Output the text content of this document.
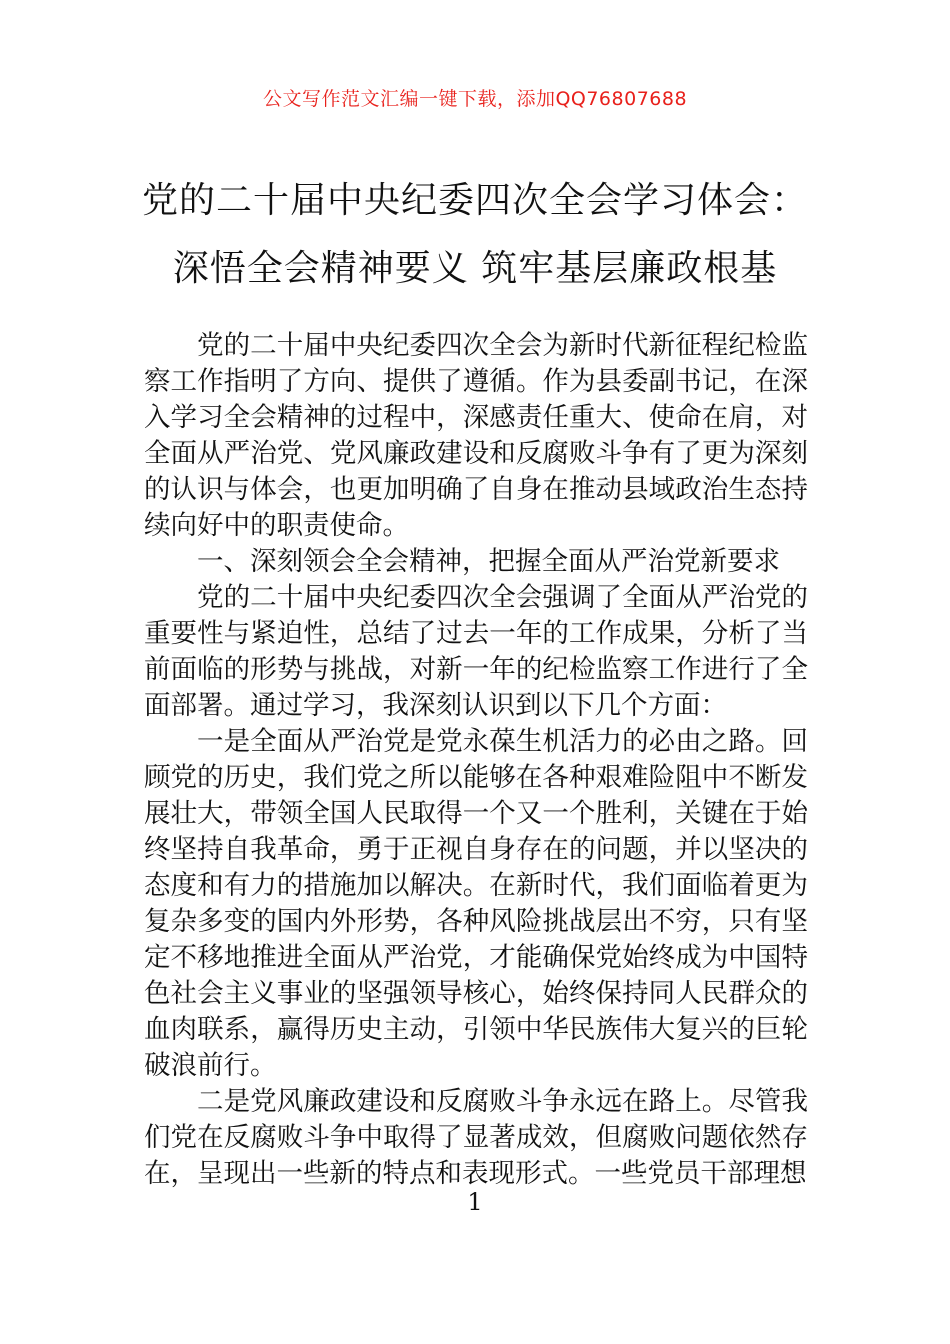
公文写作范文汇编一键下载，添加QQ76807688
党的二十届中央纪委四次全会学习体会：
深悟全会精神要义 筑牢基层廉政根基

党的二十届中央纪委四次全会为新时代新征程纪检监察工作指明了方向、提供了遵循。作为县委副书记，在深入学习全会精神的过程中，深感责任重大、使命在肩，对全面从严治党、党风廉政建设和反腐败斗争有了更为深刻的认识与体会，也更加明确了自身在推动县域政治生态持续向好中的职责使命。

一、深刻领会全会精神，把握全面从严治党新要求

党的二十届中央纪委四次全会强调了全面从严治党的重要性与紧迫性，总结了过去一年的工作成果，分析了当前面临的形势与挑战，对新一年的纪检监察工作进行了全面部署。通过学习，我深刻认识到以下几个方面：

一是全面从严治党是党永葆生机活力的必由之路。回顾党的历史，我们党之所以能够在各种艰难险阻中不断发展壮大，带领全国人民取得一个又一个胜利，关键在于始终坚持自我革命，勇于正视自身存在的问题，并以坚决的态度和有力的措施加以解决。在新时代，我们面临着更为复杂多变的国内外形势，各种风险挑战层出不穷，只有坚定不移地推进全面从严治党，才能确保党始终成为中国特色社会主义事业的坚强领导核心，始终保持同人民群众的血肉联系，赢得历史主动，引领中华民族伟大复兴的巨轮破浪前行。

二是党风廉政建设和反腐败斗争永远在路上。尽管我们党在反腐败斗争中取得了显著成效，但腐败问题依然存在，呈现出一些新的特点和表现形式。一些党员干部理想

1
